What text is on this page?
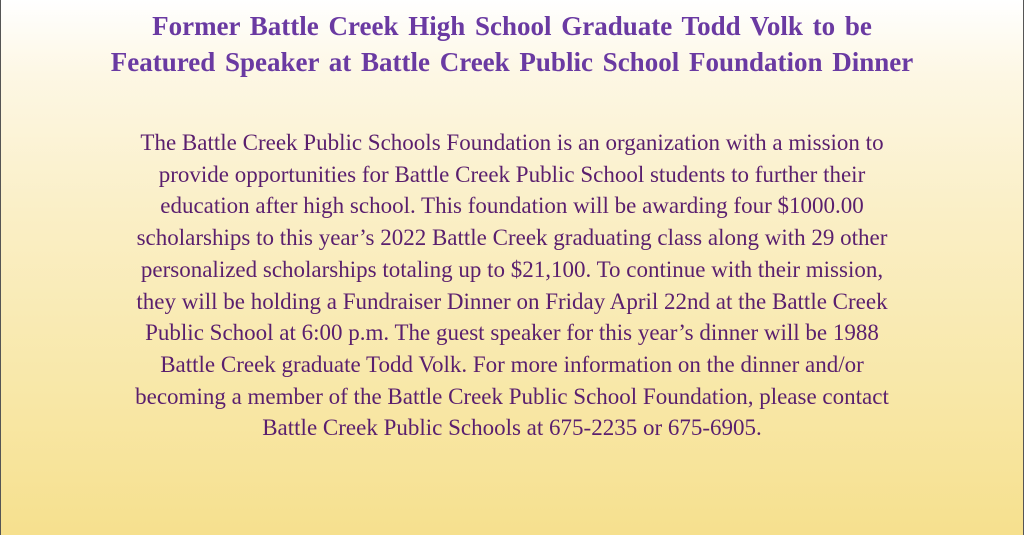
Former Battle Creek High School Graduate Todd Volk to be
Featured Speaker at Battle Creek Public School Foundation Dinner

The Battle Creek Public Schools Foundation is an organization with a mission to
provide opportunities for Battle Creek Public School students to further their
education after high school. This foundation will be awarding four $1000.00
scholarships to this year’s 2022 Battle Creek graduating class along with 29 other
personalized scholarships totaling up to $21,100. To continue with their mission,
they will be holding a Fundraiser Dinner on Friday April 22nd at the Battle Creek
Public School at 6:00 p.m. The guest speaker for this year’s dinner will be 1988
Battle Creek graduate Todd Volk. For more information on the dinner and/or
becoming a member of the Battle Creek Public School Foundation, please contact
Battle Creek Public Schools at 675-2235 or 675-6905.
